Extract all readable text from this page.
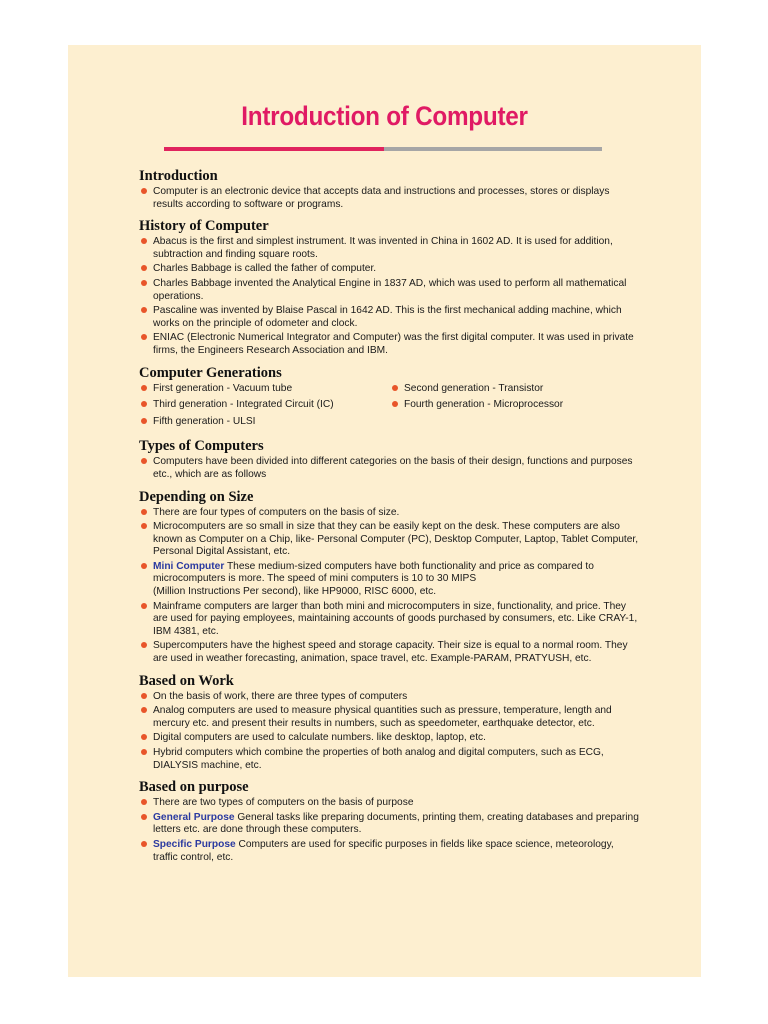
Introduction of Computer
Introduction
Computer is an electronic device that accepts data and instructions and processes, stores or displays results according to software or programs.
History of Computer
Abacus is the first and simplest instrument. It was invented in China in 1602 AD. It is used for addition, subtraction and finding square roots.
Charles Babbage is called the father of computer.
Charles Babbage invented the Analytical Engine in 1837 AD, which was used to perform all mathematical operations.
Pascaline was invented by Blaise Pascal in 1642 AD. This is the first mechanical adding machine, which works on the principle of odometer and clock.
ENIAC (Electronic Numerical Integrator and Computer) was the first digital computer. It was used in private firms, the Engineers Research Association and IBM.
Computer Generations
First generation - Vacuum tube	Second generation - Transistor
Third generation - Integrated Circuit (IC)	Fourth generation - Microprocessor
Fifth generation - ULSI
Types of Computers
Computers have been divided into different categories on the basis of their design, functions and purposes etc., which are as follows
Depending on Size
There are four types of computers on the basis of size.
Microcomputers are so small in size that they can be easily kept on the desk. These computers are also known as Computer on a Chip, like- Personal Computer (PC), Desktop Computer, Laptop, Tablet Computer, Personal Digital Assistant, etc.
Mini Computer These medium-sized computers have both functionality and price as compared to microcomputers is more. The speed of mini computers is 10 to 30 MIPS
(Million Instructions Per second), like HP9000, RISC 6000, etc.
Mainframe computers are larger than both mini and microcomputers in size, functionality, and price. They are used for paying employees, maintaining accounts of goods purchased by consumers, etc. Like CRAY-1, IBM 4381, etc.
Supercomputers have the highest speed and storage capacity. Their size is equal to a normal room. They are used in weather forecasting, animation, space travel, etc. Example-PARAM, PRATYUSH, etc.
Based on Work
On the basis of work, there are three types of computers
Analog computers are used to measure physical quantities such as pressure, temperature, length and mercury etc. and present their results in numbers, such as speedometer, earthquake detector, etc.
Digital computers are used to calculate numbers. like desktop, laptop, etc.
Hybrid computers which combine the properties of both analog and digital computers, such as ECG, DIALYSIS machine, etc.
Based on purpose
There are two types of computers on the basis of purpose
General Purpose General tasks like preparing documents, printing them, creating databases and preparing letters etc. are done through these computers.
Specific Purpose Computers are used for specific purposes in fields like space science, meteorology, traffic control, etc.
